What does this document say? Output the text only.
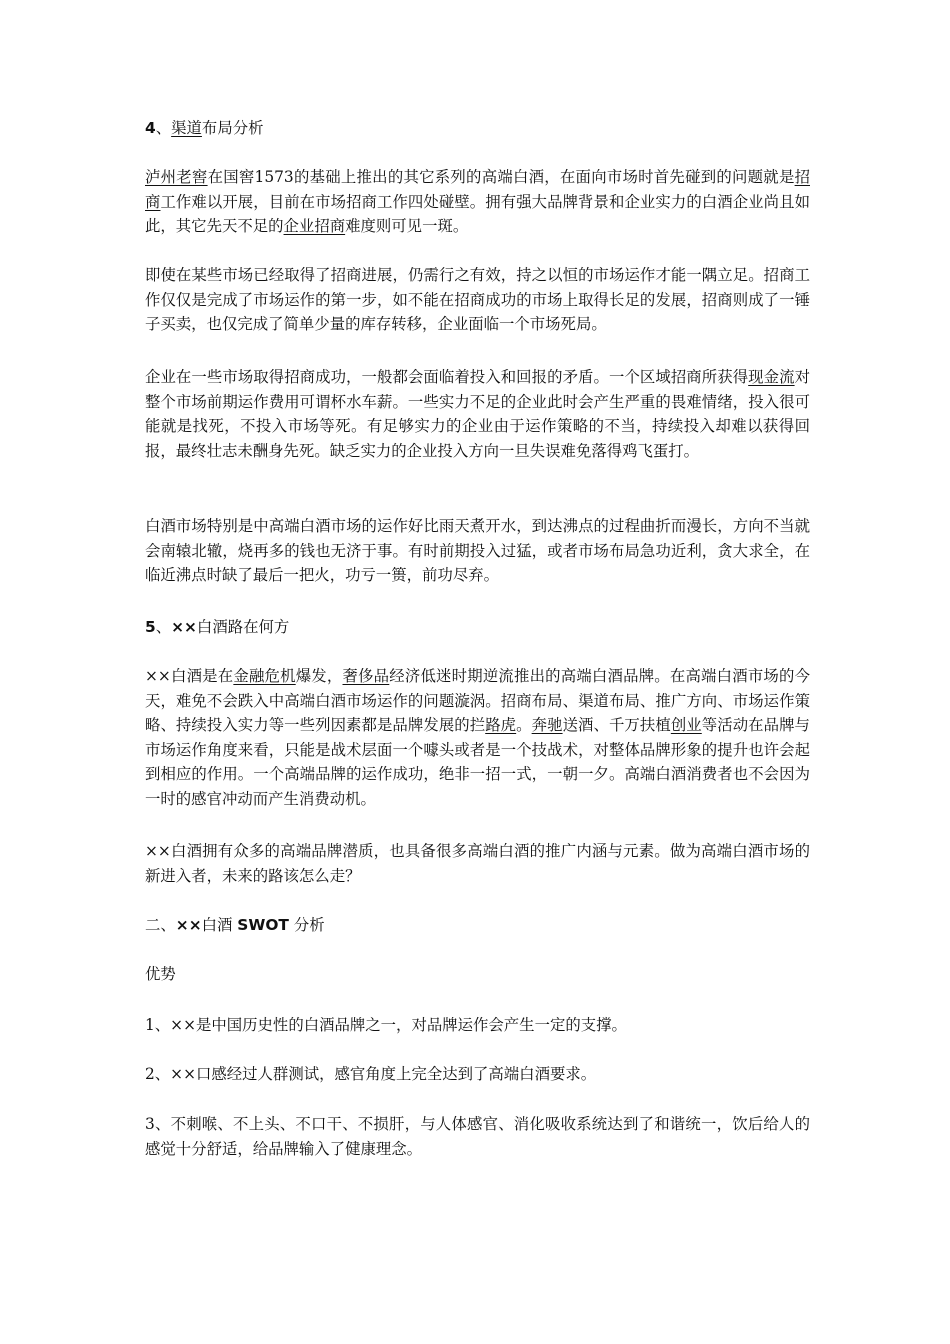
4、渠道布局分析

泸州老窖在国窖1573的基础上推出的其它系列的高端白酒，在面向市场时首先碰到的问题就是招商工作难以开展，目前在市场招商工作四处碰壁。拥有强大品牌背景和企业实力的白酒企业尚且如此，其它先天不足的企业招商难度则可见一斑。

即使在某些市场已经取得了招商进展，仍需行之有效，持之以恒的市场运作才能一隅立足。招商工作仅仅是完成了市场运作的第一步，如不能在招商成功的市场上取得长足的发展，招商则成了一锤子买卖，也仅完成了简单少量的库存转移，企业面临一个市场死局。

企业在一些市场取得招商成功，一般都会面临着投入和回报的矛盾。一个区域招商所获得现金流对整个市场前期运作费用可谓杯水车薪。一些实力不足的企业此时会产生严重的畏难情绪，投入很可能就是找死，不投入市场等死。有足够实力的企业由于运作策略的不当，持续投入却难以获得回报，最终壮志未酬身先死。缺乏实力的企业投入方向一旦失误难免落得鸡飞蛋打。

白酒市场特别是中高端白酒市场的运作好比雨天煮开水，到达沸点的过程曲折而漫长，方向不当就会南辕北辙，烧再多的钱也无济于事。有时前期投入过猛，或者市场布局急功近利，贪大求全，在临近沸点时缺了最后一把火，功亏一篑，前功尽弃。

5、××白酒路在何方

××白酒是在金融危机爆发，奢侈品经济低迷时期逆流推出的高端白酒品牌。在高端白酒市场的今天，难免不会跌入中高端白酒市场运作的问题漩涡。招商布局、渠道布局、推广方向、市场运作策略、持续投入实力等一些列因素都是品牌发展的拦路虎。奔驰送酒、千万扶植创业等活动在品牌与市场运作角度来看，只能是战术层面一个噱头或者是一个技战术，对整体品牌形象的提升也许会起到相应的作用。一个高端品牌的运作成功，绝非一招一式，一朝一夕。高端白酒消费者也不会因为一时的感官冲动而产生消费动机。

××白酒拥有众多的高端品牌潜质，也具备很多高端白酒的推广内涵与元素。做为高端白酒市场的新进入者，未来的路该怎么走？

二、××白酒 SWOT 分析

优势

1、××是中国历史性的白酒品牌之一，对品牌运作会产生一定的支撑。

2、××口感经过人群测试，感官角度上完全达到了高端白酒要求。

3、不刺喉、不上头、不口干、不损肝，与人体感官、消化吸收系统达到了和谐统一，饮后给人的感觉十分舒适，给品牌输入了健康理念。
